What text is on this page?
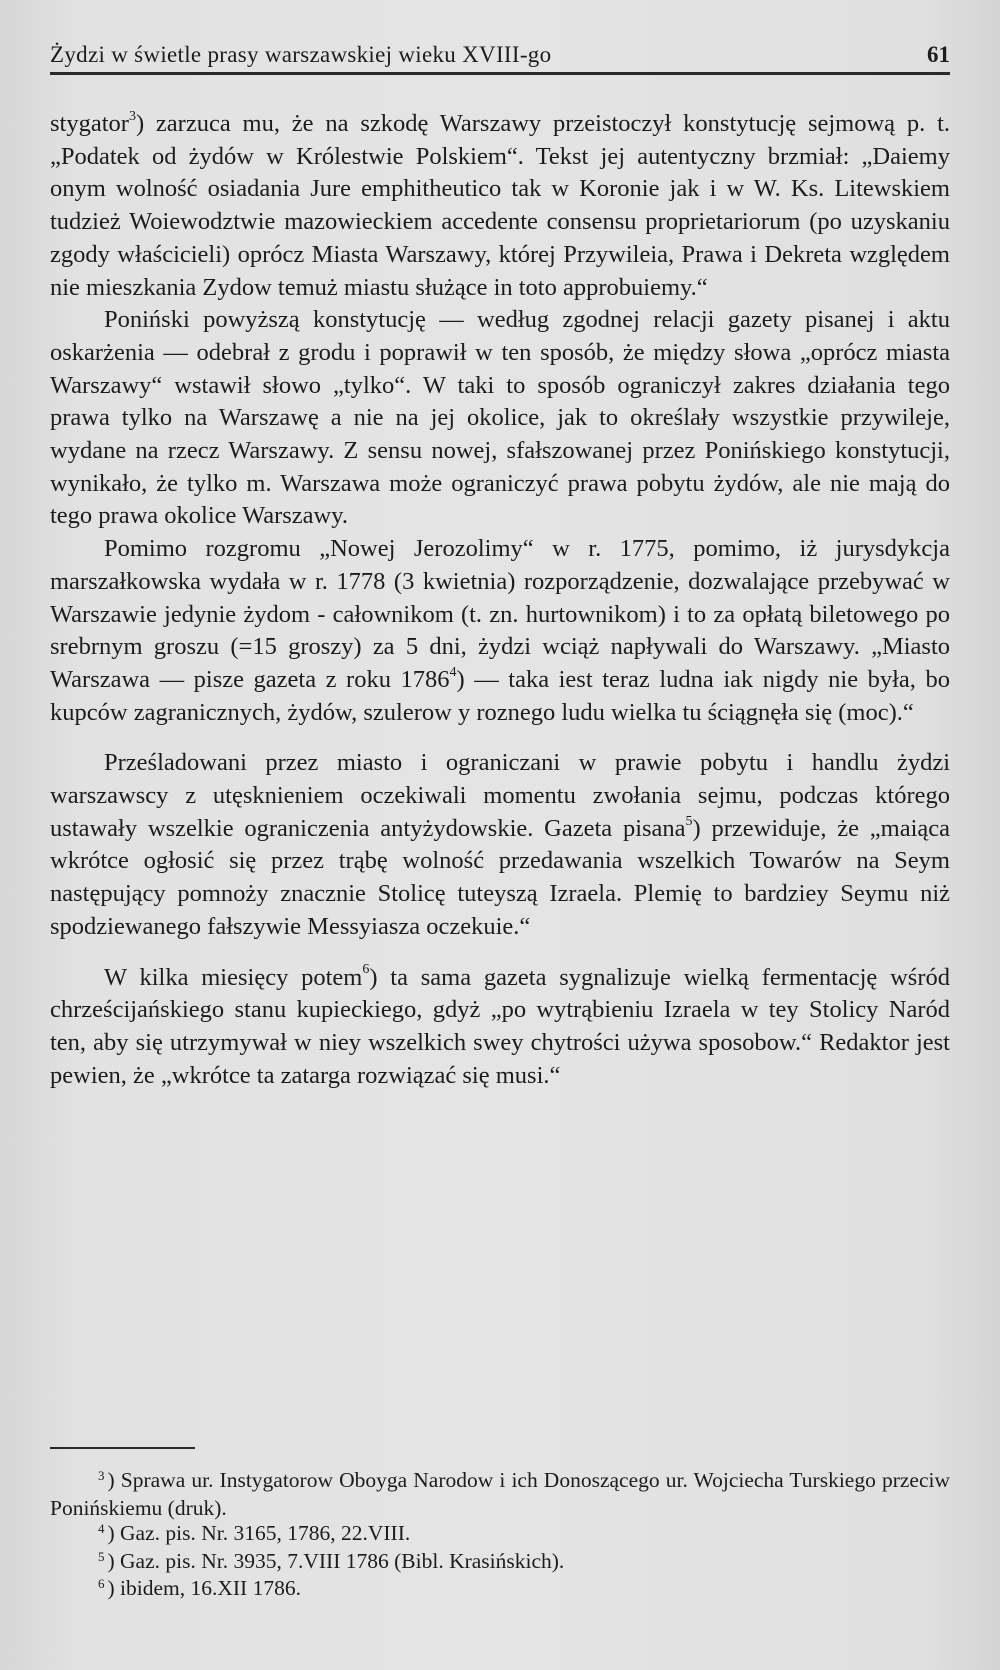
Żydzi w świetle prasy warszawskiej wieku XVIII-go	61

stygator$^3$) zarzuca mu, że na szkodę Warszawy przeistoczył konstytucję sejmową p. t. „Podatek od żydów w Królestwie Polskiem“. Tekst jej autentyczny brzmiał: „Daiemy onym wolność osiadania Jure emphitheutico tak w Koronie jak i w W. Ks. Litewskiem tudzież Woiewodztwie mazowieckiem accedente consensu proprietariorum (po uzyskaniu zgody właścicieli) oprócz Miasta Warszawy, której Przywileia, Prawa i Dekreta względem nie mieszkania Zydow temuż miastu służące in toto approbuiemy.“

Poniński powyższą konstytucję — według zgodnej relacji gazety pisanej i aktu oskarżenia — odebrał z grodu i poprawił w ten sposób, że między słowa „oprócz miasta Warszawy“ wstawił słowo „tylko“. W taki to sposób ograniczył zakres działania tego prawa tylko na Warszawę a nie na jej okolice, jak to określały wszystkie przywileje, wydane na rzecz Warszawy. Z sensu nowej, sfałszowanej przez Ponińskiego konstytucji, wynikało, że tylko m. Warszawa może ograniczyć prawa pobytu żydów, ale nie mają do tego prawa okolice Warszawy.

Pomimo rozgromu „Nowej Jerozolimy“ w r. 1775, pomimo, iż jurysdykcja marszałkowska wydała w r. 1778 (3 kwietnia) rozporządzenie, dozwalające przebywać w Warszawie jedynie żydom - całownikom (t. zn. hurtownikom) i to za opłatą biletowego po srebrnym groszu (=15 groszy) za 5 dni, żydzi wciąż napływali do Warszawy. „Miasto Warszawa — pisze gazeta z roku 1786$^4$) — taka iest teraz ludna iak nigdy nie była, bo kupców zagranicznych, żydów, szulerow y roznego ludu wielka tu ściągnęła się (moc).“

Prześladowani przez miasto i ograniczani w prawie pobytu i handlu żydzi warszawscy z utęsknieniem oczekiwali momentu zwołania sejmu, podczas którego ustawały wszelkie ograniczenia antyżydowskie. Gazeta pisana$^5$) przewiduje, że „maiąca wkrótce ogłosić się przez trąbę wolność przedawania wszelkich Towarów na Seym następujący pomnoży znacznie Stolicę tuteyszą Izraela. Plemię to bardziey Seymu niż spodziewanego fałszywie Messyiasza oczekuie.“

W kilka miesięcy potem$^6$) ta sama gazeta sygnalizuje wielką fermentację wśród chrześcijańskiego stanu kupieckiego, gdyż „po wytrąbieniu Izraela w tey Stolicy Naród ten, aby się utrzymywał w niey wszelkich swey chytrości używa sposobow.“ Redaktor jest pewien, że „wkrótce ta zatarga rozwiązać się musi.“

$^3$ ) Sprawa ur. Instygatorow Oboyga Narodow i ich Donoszącego ur. Wojciecha Turskiego przeciw Ponińskiemu (druk).

$^4$ ) Gaz. pis. Nr. 3165, 1786, 22.VIII.

$^5$ ) Gaz. pis. Nr. 3935, 7.VIII 1786 (Bibl. Krasińskich).

$^6$ ) ibidem, 16.XII 1786.
